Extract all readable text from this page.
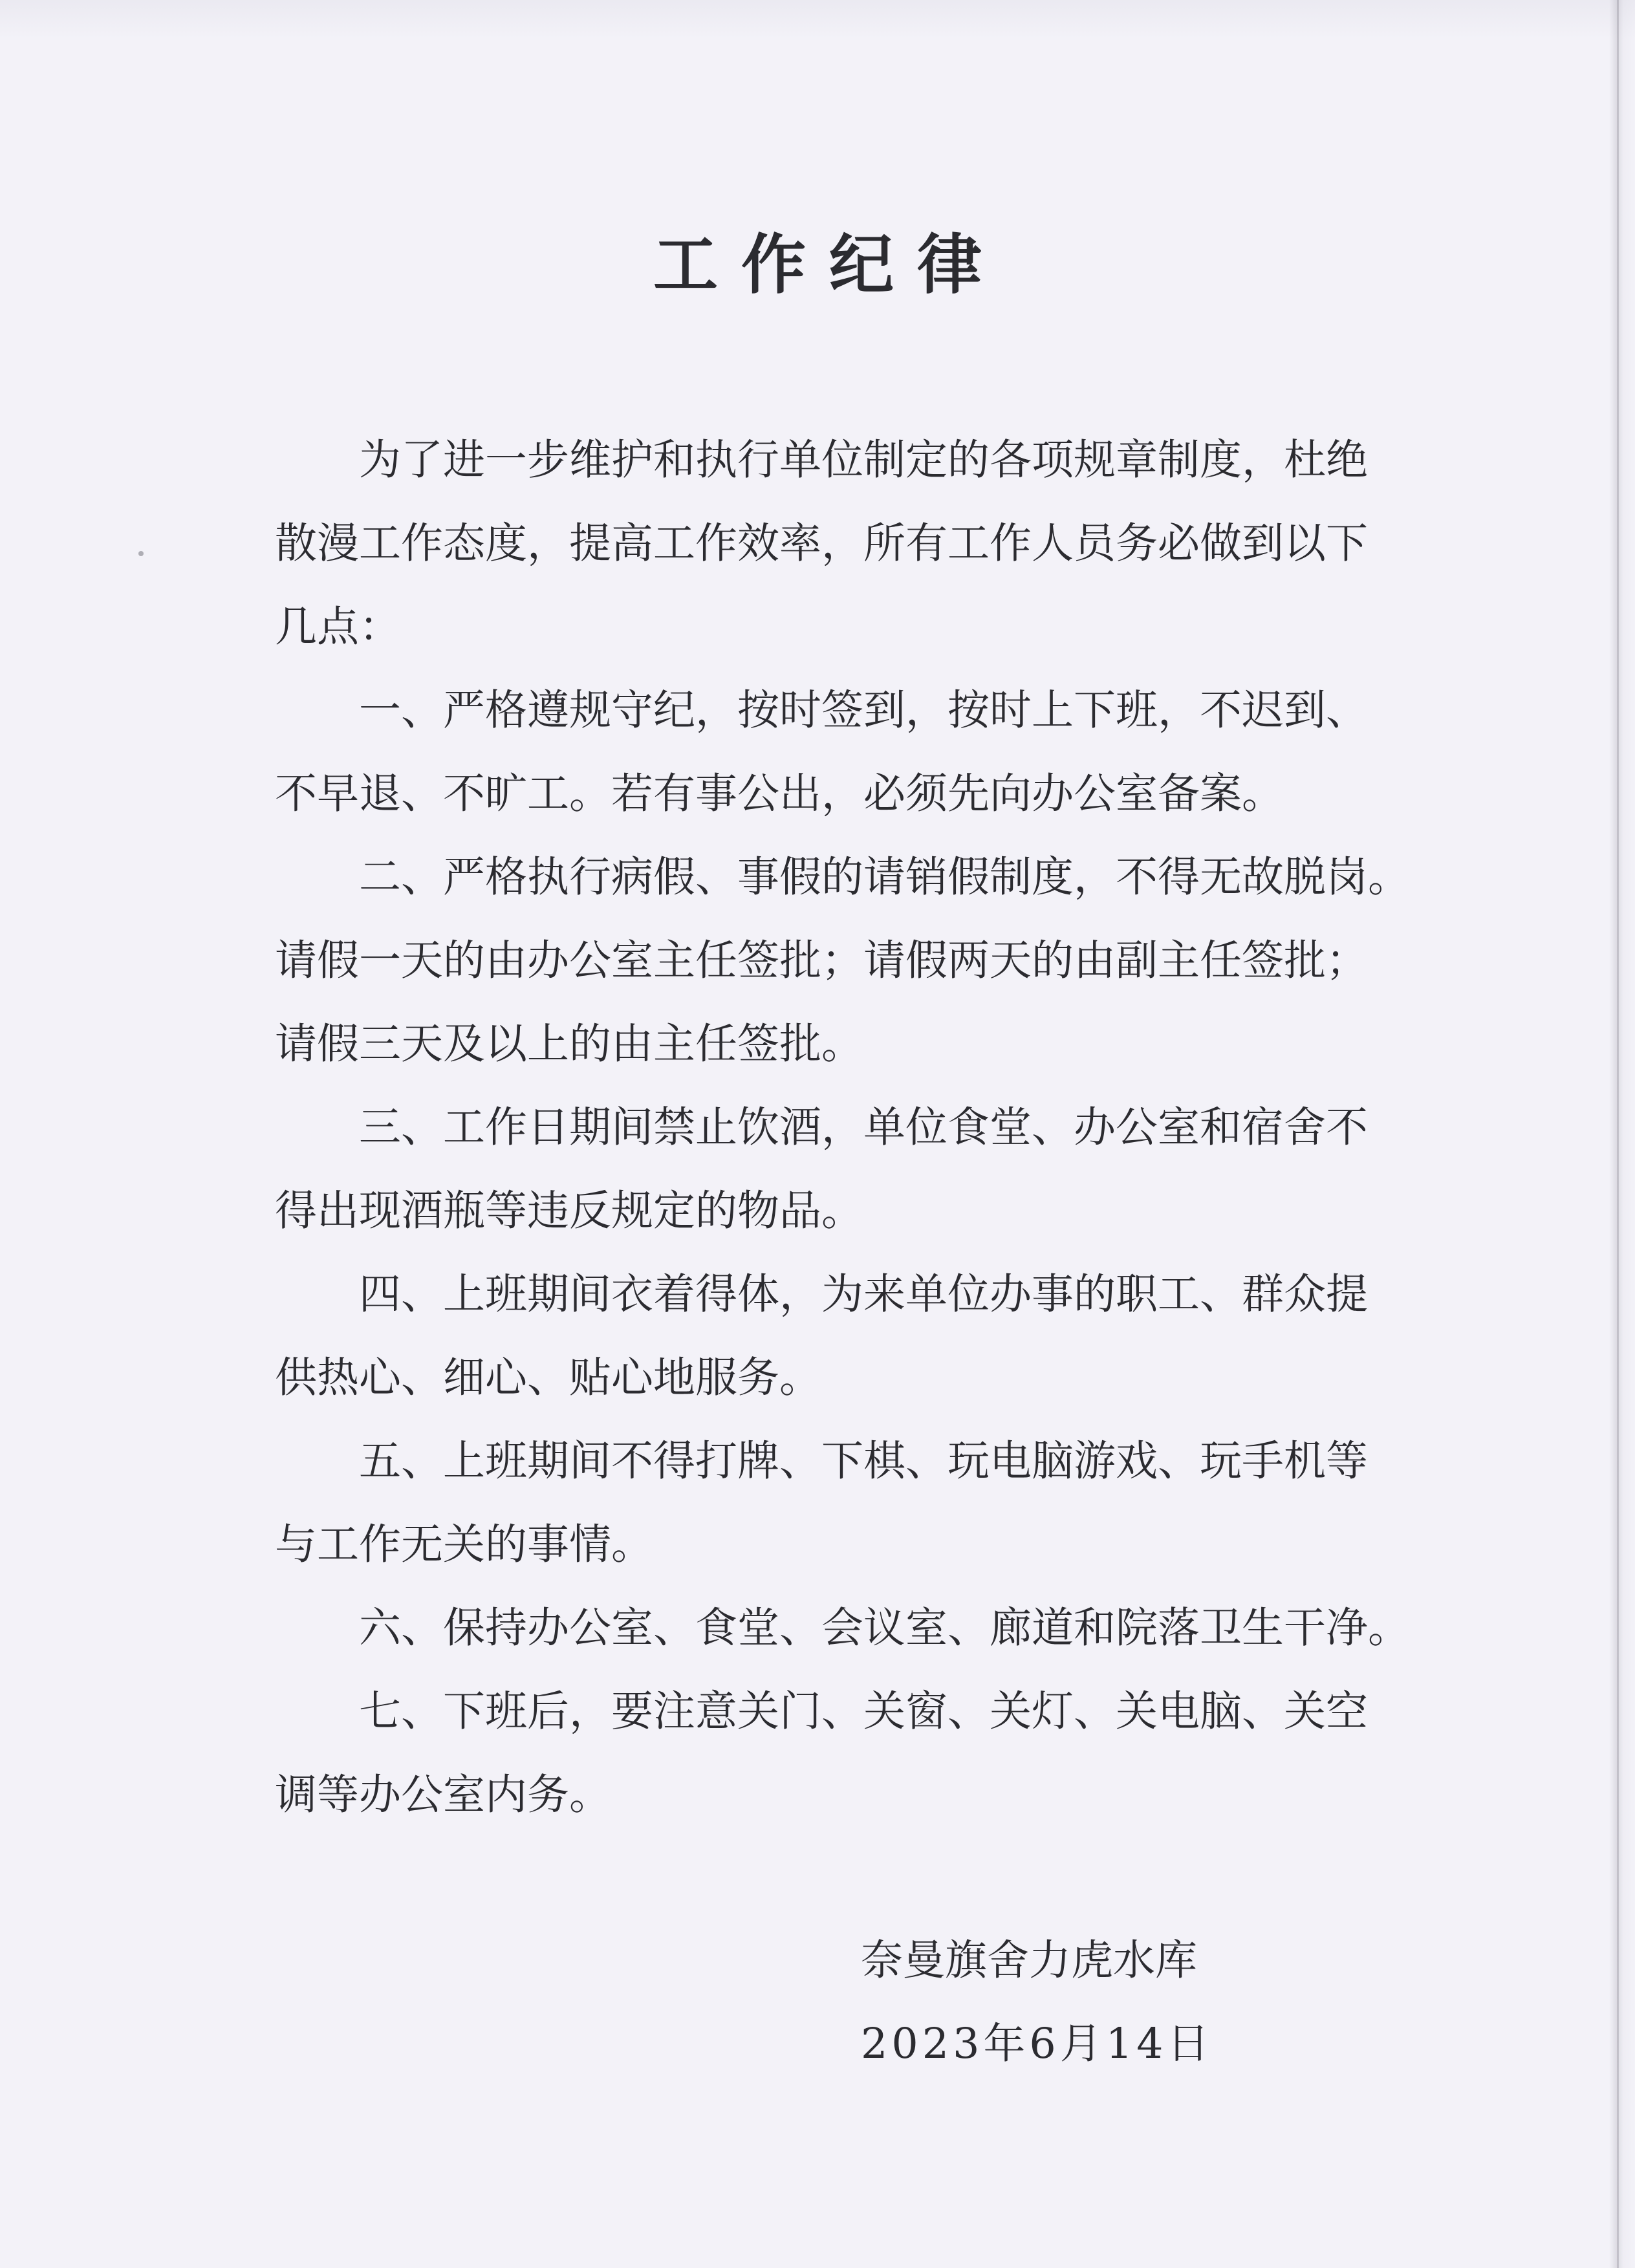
工作纪律
为了进一步维护和执行单位制定的各项规章制度，杜绝
散漫工作态度，提高工作效率，所有工作人员务必做到以下
几点：
一、严格遵规守纪，按时签到，按时上下班，不迟到、
不早退、不旷工。若有事公出，必须先向办公室备案。
二、严格执行病假、事假的请销假制度，不得无故脱岗。
请假一天的由办公室主任签批；请假两天的由副主任签批；
请假三天及以上的由主任签批。
三、工作日期间禁止饮酒，单位食堂、办公室和宿舍不
得出现酒瓶等违反规定的物品。
四、上班期间衣着得体，为来单位办事的职工、群众提
供热心、细心、贴心地服务。
五、上班期间不得打牌、下棋、玩电脑游戏、玩手机等
与工作无关的事情。
六、保持办公室、食堂、会议室、廊道和院落卫生干净。
七、下班后，要注意关门、关窗、关灯、关电脑、关空
调等办公室内务。
奈曼旗舍力虎水库
2023年6月14日
